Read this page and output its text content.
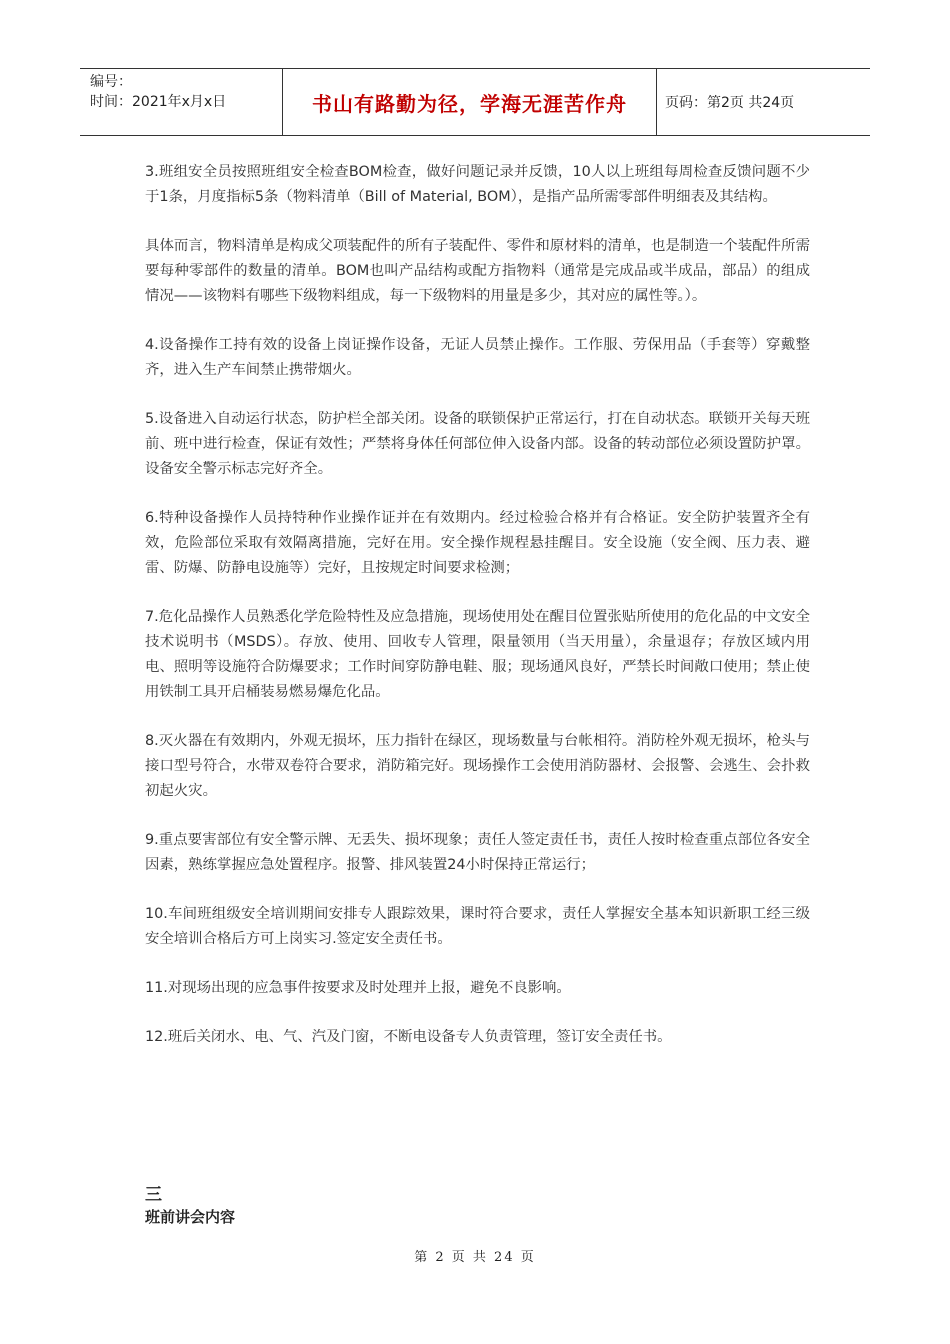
编号：
时间：2021年x月x日	书山有路勤为径，学海无涯苦作舟	页码：第2页 共24页

3.班组安全员按照班组安全检查BOM检查，做好问题记录并反馈，10人以上班组每周检查反馈问题不少于1条，月度指标5条（物料清单（Bill of Material, BOM），是指产品所需零部件明细表及其结构。

具体而言，物料清单是构成父项装配件的所有子装配件、零件和原材料的清单，也是制造一个装配件所需要每种零部件的数量的清单。BOM也叫产品结构或配方指物料（通常是完成品或半成品，部品）的组成情况——该物料有哪些下级物料组成，每一下级物料的用量是多少，其对应的属性等。）。

4.设备操作工持有效的设备上岗证操作设备，无证人员禁止操作。工作服、劳保用品（手套等）穿戴整齐，进入生产车间禁止携带烟火。

5.设备进入自动运行状态，防护栏全部关闭。设备的联锁保护正常运行，打在自动状态。联锁开关每天班前、班中进行检查，保证有效性；严禁将身体任何部位伸入设备内部。设备的转动部位必须设置防护罩。设备安全警示标志完好齐全。

6.特种设备操作人员持特种作业操作证并在有效期内。经过检验合格并有合格证。安全防护装置齐全有效，危险部位采取有效隔离措施，完好在用。安全操作规程悬挂醒目。安全设施（安全阀、压力表、避雷、防爆、防静电设施等）完好，且按规定时间要求检测；

7.危化品操作人员熟悉化学危险特性及应急措施，现场使用处在醒目位置张贴所使用的危化品的中文安全技术说明书（MSDS）。存放、使用、回收专人管理，限量领用（当天用量），余量退存；存放区域内用电、照明等设施符合防爆要求；工作时间穿防静电鞋、服；现场通风良好，严禁长时间敞口使用；禁止使用铁制工具开启桶装易燃易爆危化品。

8.灭火器在有效期内，外观无损坏，压力指针在绿区，现场数量与台帐相符。消防栓外观无损坏，枪头与接口型号符合，水带双卷符合要求，消防箱完好。现场操作工会使用消防器材、会报警、会逃生、会扑救初起火灾。

9.重点要害部位有安全警示牌、无丢失、损坏现象；责任人签定责任书，责任人按时检查重点部位各安全因素，熟练掌握应急处置程序。报警、排风装置24小时保持正常运行；

10.车间班组级安全培训期间安排专人跟踪效果，课时符合要求，责任人掌握安全基本知识新职工经三级安全培训合格后方可上岗实习.签定安全责任书。

11.对现场出现的应急事件按要求及时处理并上报，避免不良影响。

12.班后关闭水、电、气、汽及门窗，不断电设备专人负责管理，签订安全责任书。

三
班前讲会内容
第 2 页 共 24 页
